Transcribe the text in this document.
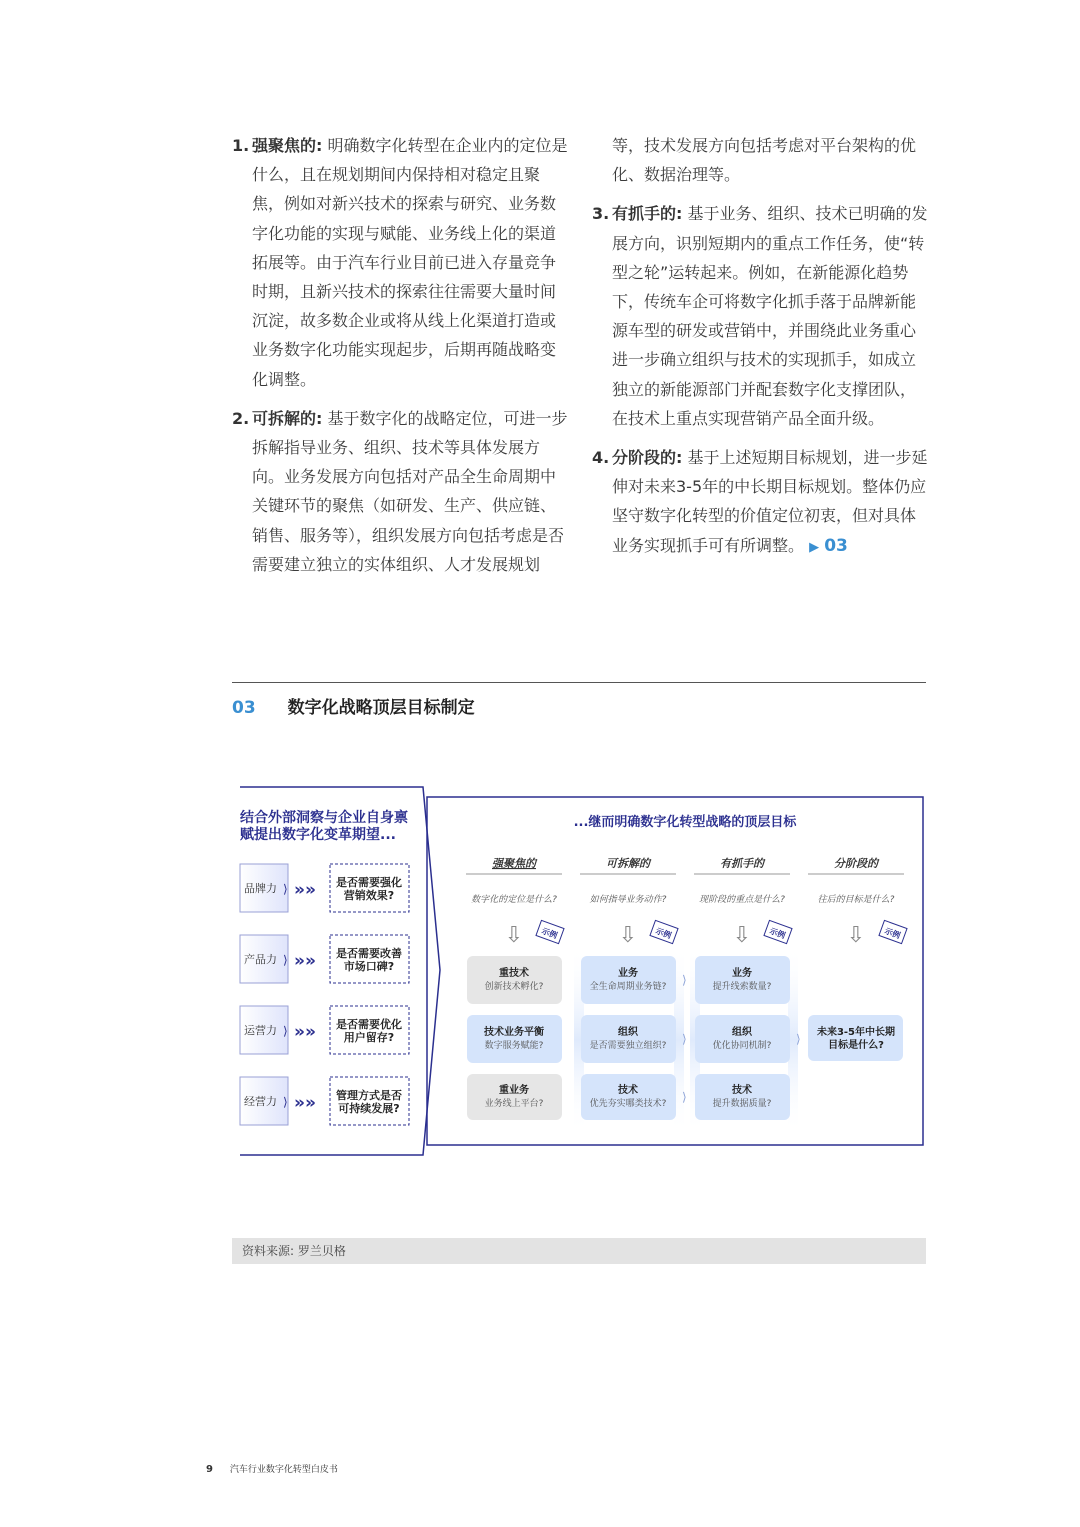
1. 强聚焦的: 明确数字化转型在企业内的定位是什么，且在规划期间内保持相对稳定且聚焦，例如对新兴技术的探索与研究、业务数字化功能的实现与赋能、业务线上化的渠道拓展等。由于汽车行业目前已进入存量竞争时期，且新兴技术的探索往往需要大量时间沉淀，故多数企业或将从线上化渠道打造或业务数字化功能实现起步，后期再随战略变化调整。
2. 可拆解的: 基于数字化的战略定位，可进一步拆解指导业务、组织、技术等具体发展方向。业务发展方向包括对产品全生命周期中关键环节的聚焦（如研发、生产、供应链、销售、服务等），组织发展方向包括考虑是否需要建立独立的实体组织、人才发展规划
等，技术发展方向包括考虑对平台架构的优化、数据治理等。
3. 有抓手的: 基于业务、组织、技术已明确的发展方向，识别短期内的重点工作任务，使“转型之轮”运转起来。例如，在新能源化趋势下，传统车企可将数字化抓手落于品牌新能源车型的研发或营销中，并围绕此业务重心进一步确立组织与技术的实现抓手，如成立独立的新能源部门并配套数字化支撑团队，在技术上重点实现营销产品全面升级。
4. 分阶段的: 基于上述短期目标规划，进一步延伸对未来3-5年的中长期目标规划。整体仍应坚守数字化转型的价值定位初衷，但对具体业务实现抓手可有所调整。 ▶ 03
03 数字化战略顶层目标制定
结合外部洞察与企业自身禀
赋提出数字化变革期望...
...继而明确数字化转型战略的顶层目标
品牌力 ⟩ »» 是否需要强化
营销效果?
产品力 ⟩ »» 是否需要改善
市场口碑?
运营力 ⟩ »» 是否需要优化
用户留存?
经营力 ⟩ »» 管理方式是否
可持续发展?
强聚焦的
数字化的定位是什么?
⇩ 示例
重技术
创新技术孵化?
技术业务平衡
数字服务赋能?
重业务
业务线上平台?
可拆解的
如何指导业务动作?
⇩ 示例
业务
全生命周期业务链?
组织
是否需要独立组织?
技术
优先夯实哪类技术?
⟩
⟩
⟩
有抓手的
现阶段的重点是什么?
⇩ 示例
业务
提升线索数量?
组织
优化协同机制?
技术
提升数据质量?
⟩
分阶段的
往后的目标是什么?
⇩ 示例
未来3-5年中长期
目标是什么?
资料来源: 罗兰贝格
9 汽车行业数字化转型白皮书
